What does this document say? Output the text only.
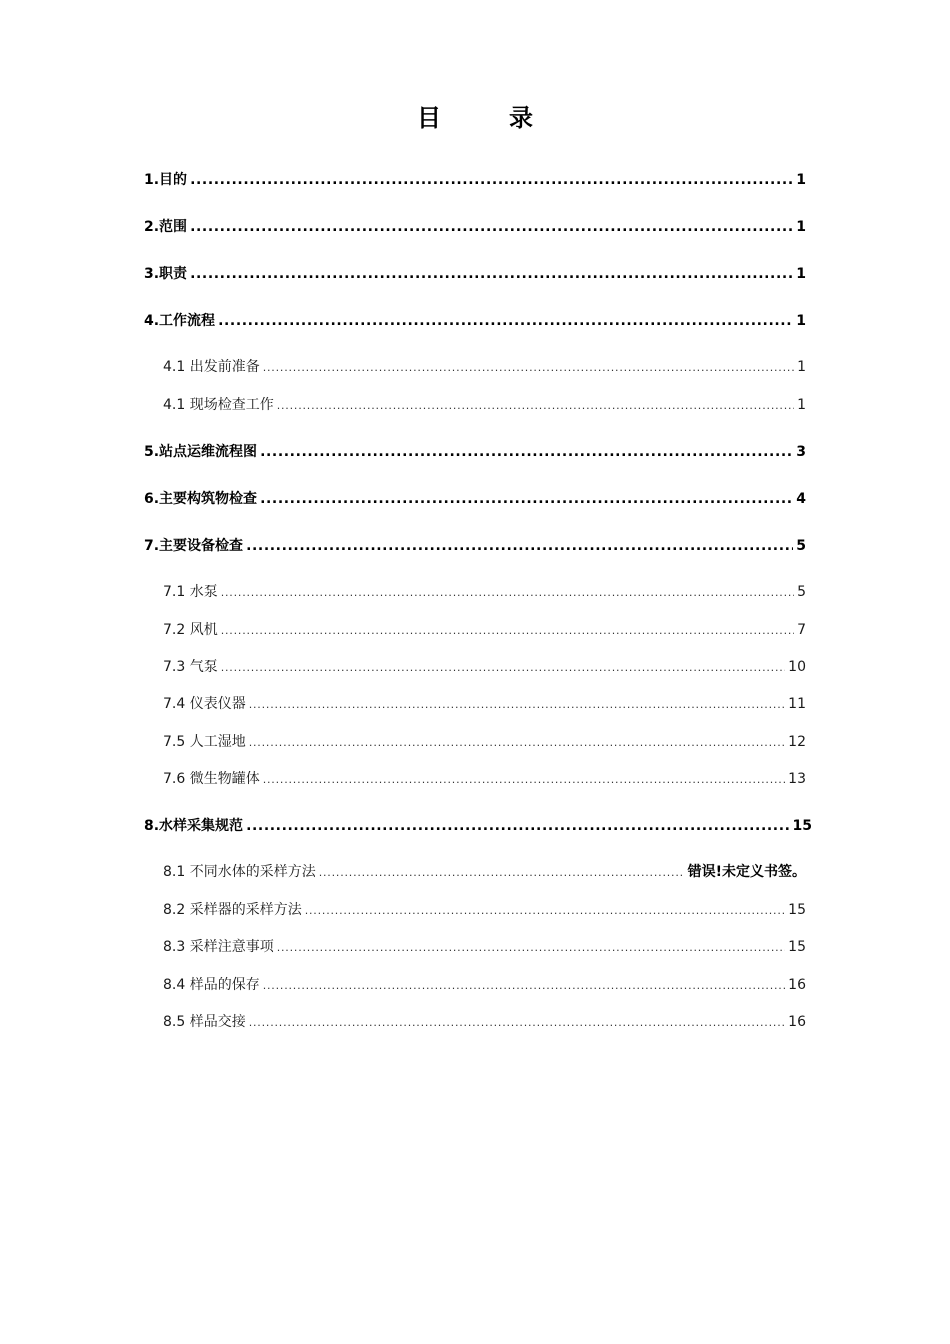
目　录
1.目的 .....	1
2.范围 .....	1
3.职责 .....	1
4.工作流程 .....	1
4.1 出发前准备 .....	1
4.1 现场检查工作 .....	1
5.站点运维流程图 .....	3
6.主要构筑物检查 .....	4
7.主要设备检查 .....	5
7.1 水泵 .....	5
7.2 风机 .....	7
7.3 气泵 .....	10
7.4 仪表仪器 .....	11
7.5 人工湿地 .....	12
7.6 微生物罐体 .....	13
8.水样采集规范 .....	15
8.1 不同水体的采样方法 .....	错误!未定义书签。
8.2 采样器的采样方法 .....	15
8.3 采样注意事项 .....	15
8.4 样品的保存 .....	16
8.5 样品交接 .....	16
